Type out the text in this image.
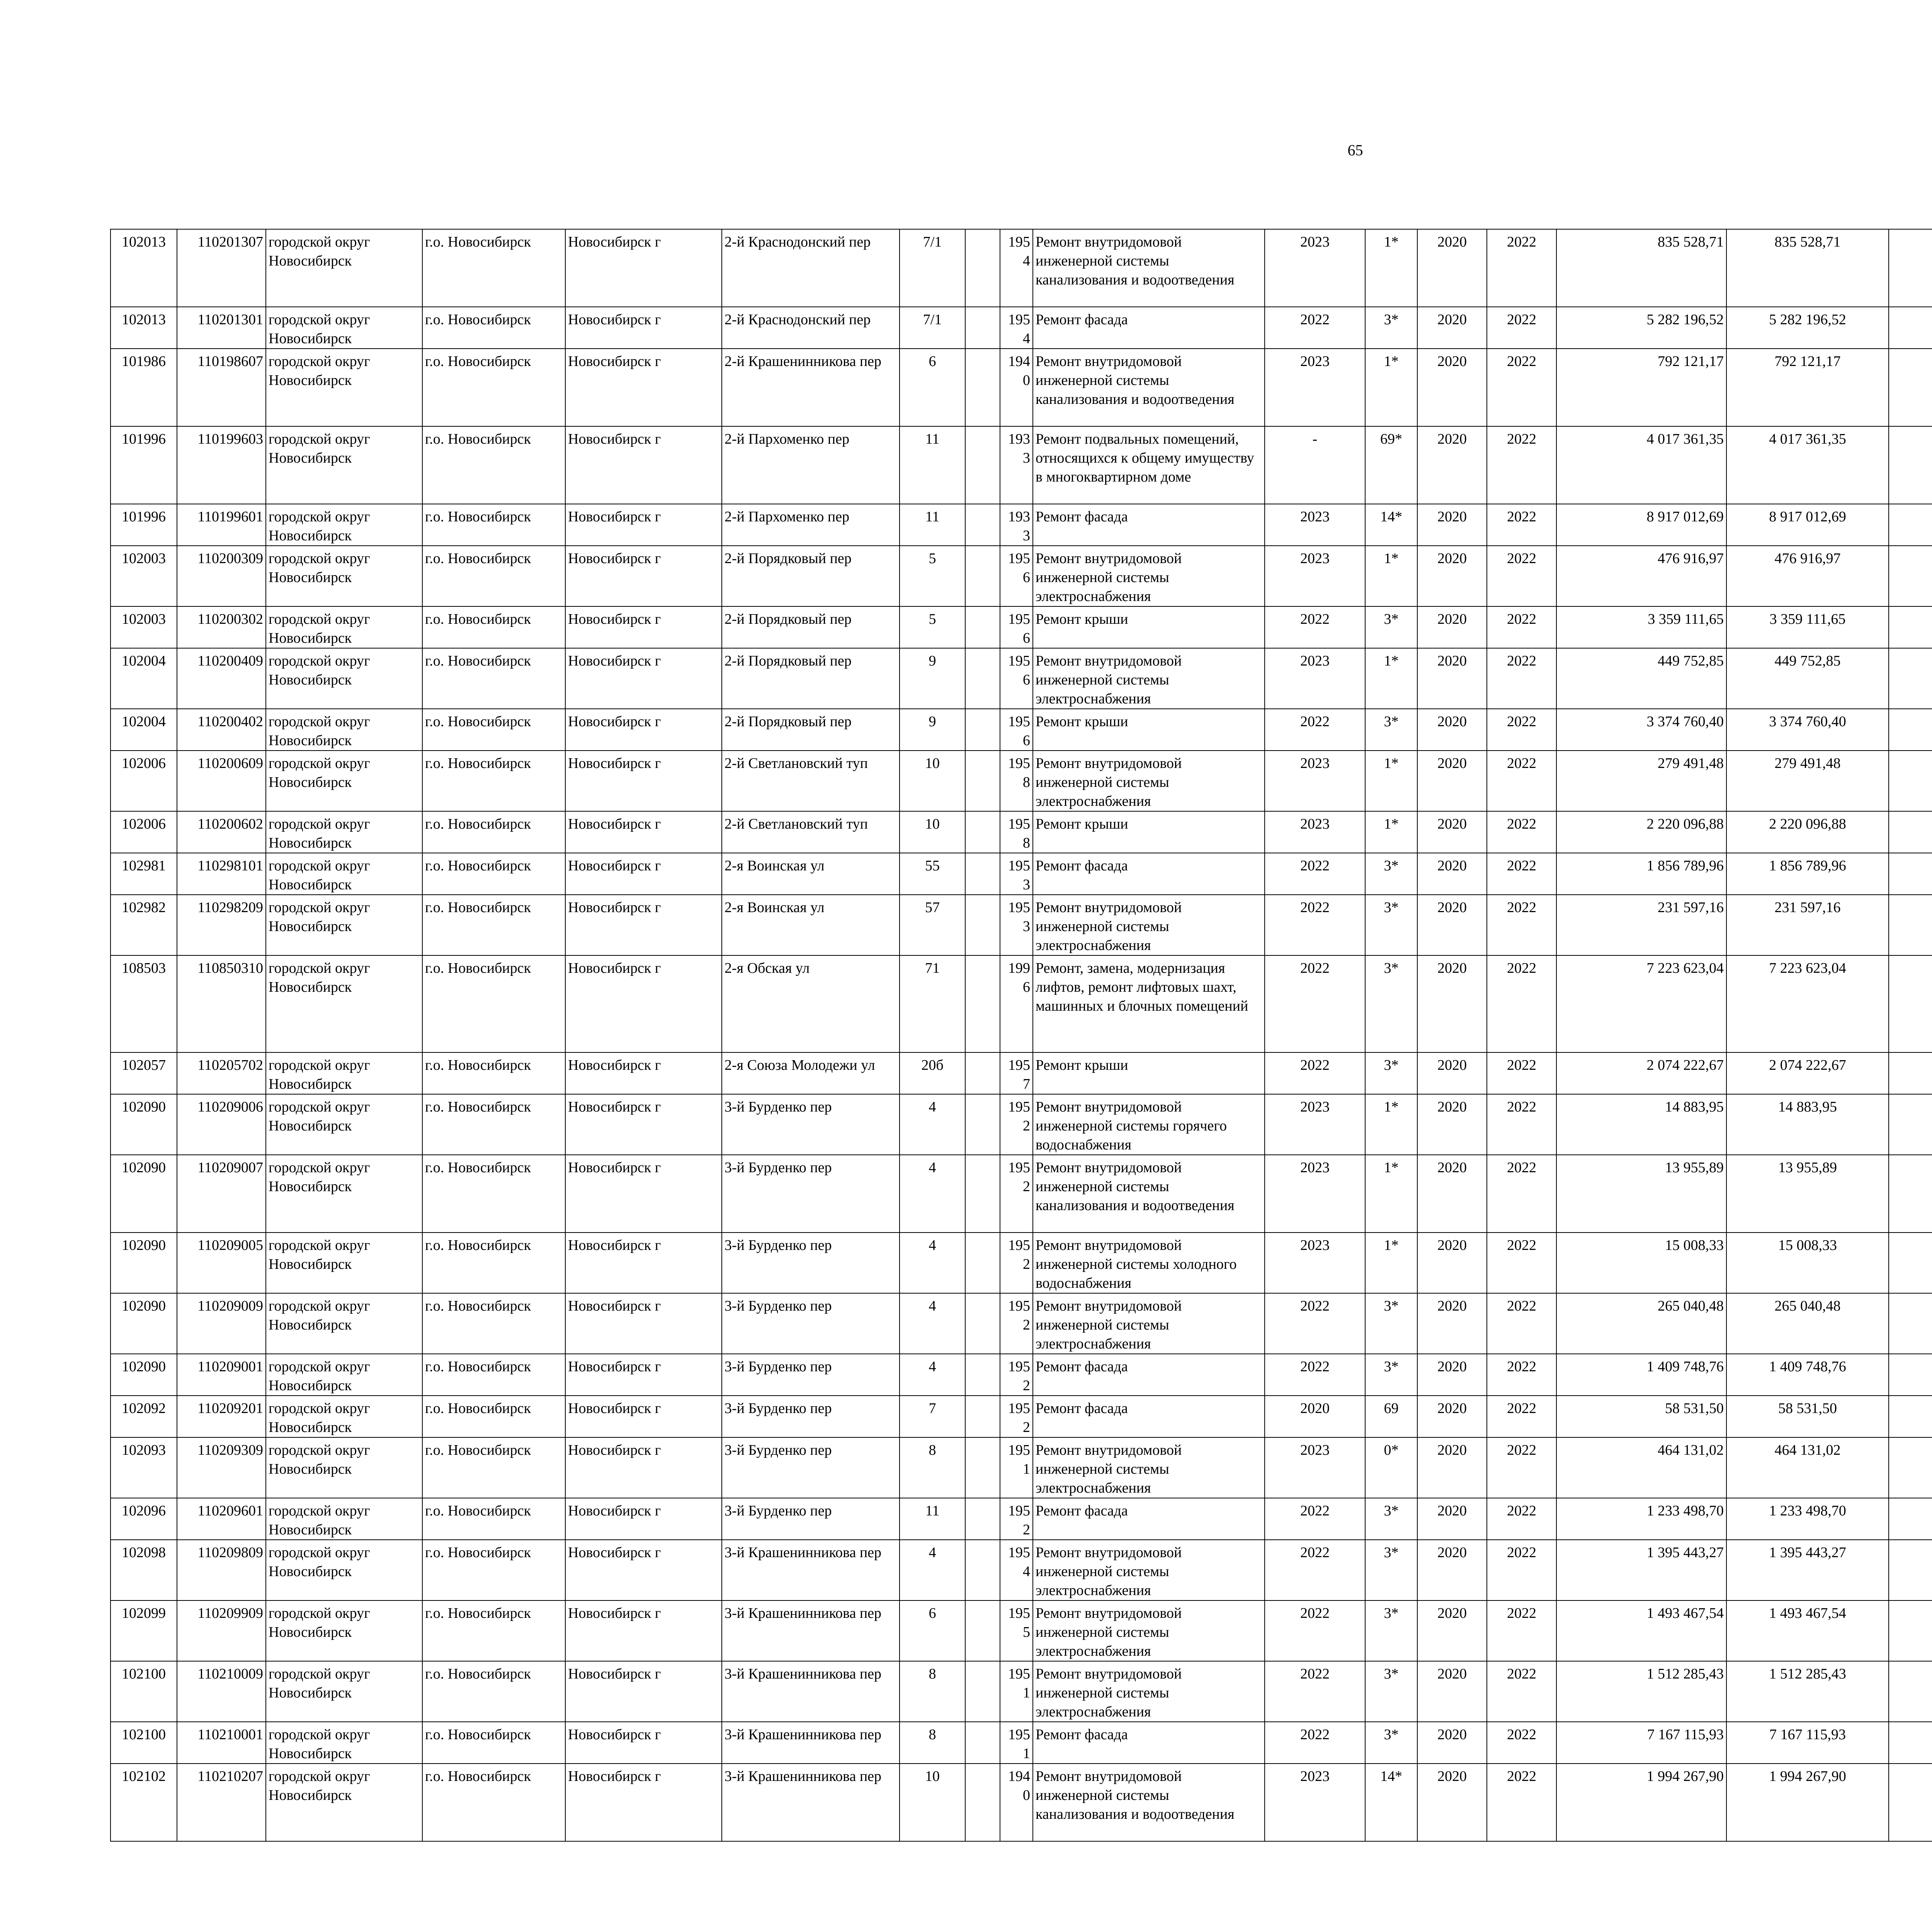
65
102013	110201307	городской округ Новосибирск	г.о. Новосибирск	Новосибирск г	2-й Краснодонский пер	7/1		1954	Ремонт внутридомовой инженерной системы канализования и водоотведения	2023	1*	2020	2022	835 528,71	835 528,71						
102013	110201301	городской округ Новосибирск	г.о. Новосибирск	Новосибирск г	2-й Краснодонский пер	7/1		1954	Ремонт фасада	2022	3*	2020	2022	5 282 196,52	5 282 196,52						
101986	110198607	городской округ Новосибирск	г.о. Новосибирск	Новосибирск г	2-й Крашенинникова пер	6		1940	Ремонт внутридомовой инженерной системы канализования и водоотведения	2023	1*	2020	2022	792 121,17	792 121,17						
101996	110199603	городской округ Новосибирск	г.о. Новосибирск	Новосибирск г	2-й Пархоменко пер	11		1933	Ремонт подвальных помещений, относящихся к общему имуществу в многоквартирном доме	-	69*	2020	2022	4 017 361,35	4 017 361,35						
101996	110199601	городской округ Новосибирск	г.о. Новосибирск	Новосибирск г	2-й Пархоменко пер	11		1933	Ремонт фасада	2023	14*	2020	2022	8 917 012,69	8 917 012,69						
102003	110200309	городской округ Новосибирск	г.о. Новосибирск	Новосибирск г	2-й Порядковый пер	5		1956	Ремонт внутридомовой инженерной системы электроснабжения	2023	1*	2020	2022	476 916,97	476 916,97						
102003	110200302	городской округ Новосибирск	г.о. Новосибирск	Новосибирск г	2-й Порядковый пер	5		1956	Ремонт крыши	2022	3*	2020	2022	3 359 111,65	3 359 111,65						
102004	110200409	городской округ Новосибирск	г.о. Новосибирск	Новосибирск г	2-й Порядковый пер	9		1956	Ремонт внутридомовой инженерной системы электроснабжения	2023	1*	2020	2022	449 752,85	449 752,85						
102004	110200402	городской округ Новосибирск	г.о. Новосибирск	Новосибирск г	2-й Порядковый пер	9		1956	Ремонт крыши	2022	3*	2020	2022	3 374 760,40	3 374 760,40						
102006	110200609	городской округ Новосибирск	г.о. Новосибирск	Новосибирск г	2-й Светлановский туп	10		1958	Ремонт внутридомовой инженерной системы электроснабжения	2023	1*	2020	2022	279 491,48	279 491,48						
102006	110200602	городской округ Новосибирск	г.о. Новосибирск	Новосибирск г	2-й Светлановский туп	10		1958	Ремонт крыши	2023	1*	2020	2022	2 220 096,88	2 220 096,88						
102981	110298101	городской округ Новосибирск	г.о. Новосибирск	Новосибирск г	2-я Воинская ул	55		1953	Ремонт фасада	2022	3*	2020	2022	1 856 789,96	1 856 789,96						
102982	110298209	городской округ Новосибирск	г.о. Новосибирск	Новосибирск г	2-я Воинская ул	57		1953	Ремонт внутридомовой инженерной системы электроснабжения	2022	3*	2020	2022	231 597,16	231 597,16						
108503	110850310	городской округ Новосибирск	г.о. Новосибирск	Новосибирск г	2-я Обская ул	71		1996	Ремонт, замена, модернизация лифтов, ремонт лифтовых шахт, машинных и блочных помещений	2022	3*	2020	2022	7 223 623,04	7 223 623,04						
102057	110205702	городской округ Новосибирск	г.о. Новосибирск	Новосибирск г	2-я Союза Молодежи ул	20б		1957	Ремонт крыши	2022	3*	2020	2022	2 074 222,67	2 074 222,67						
102090	110209006	городской округ Новосибирск	г.о. Новосибирск	Новосибирск г	3-й Бурденко пер	4		1952	Ремонт внутридомовой инженерной системы горячего водоснабжения	2023	1*	2020	2022	14 883,95	14 883,95						
102090	110209007	городской округ Новосибирск	г.о. Новосибирск	Новосибирск г	3-й Бурденко пер	4		1952	Ремонт внутридомовой инженерной системы канализования и водоотведения	2023	1*	2020	2022	13 955,89	13 955,89						
102090	110209005	городской округ Новосибирск	г.о. Новосибирск	Новосибирск г	3-й Бурденко пер	4		1952	Ремонт внутридомовой инженерной системы холодного водоснабжения	2023	1*	2020	2022	15 008,33	15 008,33						
102090	110209009	городской округ Новосибирск	г.о. Новосибирск	Новосибирск г	3-й Бурденко пер	4		1952	Ремонт внутридомовой инженерной системы электроснабжения	2022	3*	2020	2022	265 040,48	265 040,48						
102090	110209001	городской округ Новосибирск	г.о. Новосибирск	Новосибирск г	3-й Бурденко пер	4		1952	Ремонт фасада	2022	3*	2020	2022	1 409 748,76	1 409 748,76						
102092	110209201	городской округ Новосибирск	г.о. Новосибирск	Новосибирск г	3-й Бурденко пер	7		1952	Ремонт фасада	2020	69	2020	2022	58 531,50	58 531,50						
102093	110209309	городской округ Новосибирск	г.о. Новосибирск	Новосибирск г	3-й Бурденко пер	8		1951	Ремонт внутридомовой инженерной системы электроснабжения	2023	0*	2020	2022	464 131,02	464 131,02						
102096	110209601	городской округ Новосибирск	г.о. Новосибирск	Новосибирск г	3-й Бурденко пер	11		1952	Ремонт фасада	2022	3*	2020	2022	1 233 498,70	1 233 498,70						
102098	110209809	городской округ Новосибирск	г.о. Новосибирск	Новосибирск г	3-й Крашенинникова пер	4		1954	Ремонт внутридомовой инженерной системы электроснабжения	2022	3*	2020	2022	1 395 443,27	1 395 443,27						
102099	110209909	городской округ Новосибирск	г.о. Новосибирск	Новосибирск г	3-й Крашенинникова пер	6		1955	Ремонт внутридомовой инженерной системы электроснабжения	2022	3*	2020	2022	1 493 467,54	1 493 467,54						
102100	110210009	городской округ Новосибирск	г.о. Новосибирск	Новосибирск г	3-й Крашенинникова пер	8		1951	Ремонт внутридомовой инженерной системы электроснабжения	2022	3*	2020	2022	1 512 285,43	1 512 285,43						
102100	110210001	городской округ Новосибирск	г.о. Новосибирск	Новосибирск г	3-й Крашенинникова пер	8		1951	Ремонт фасада	2022	3*	2020	2022	7 167 115,93	7 167 115,93						
102102	110210207	городской округ Новосибирск	г.о. Новосибирск	Новосибирск г	3-й Крашенинникова пер	10		1940	Ремонт внутридомовой инженерной системы канализования и водоотведения	2023	14*	2020	2022	1 994 267,90	1 994 267,90						
